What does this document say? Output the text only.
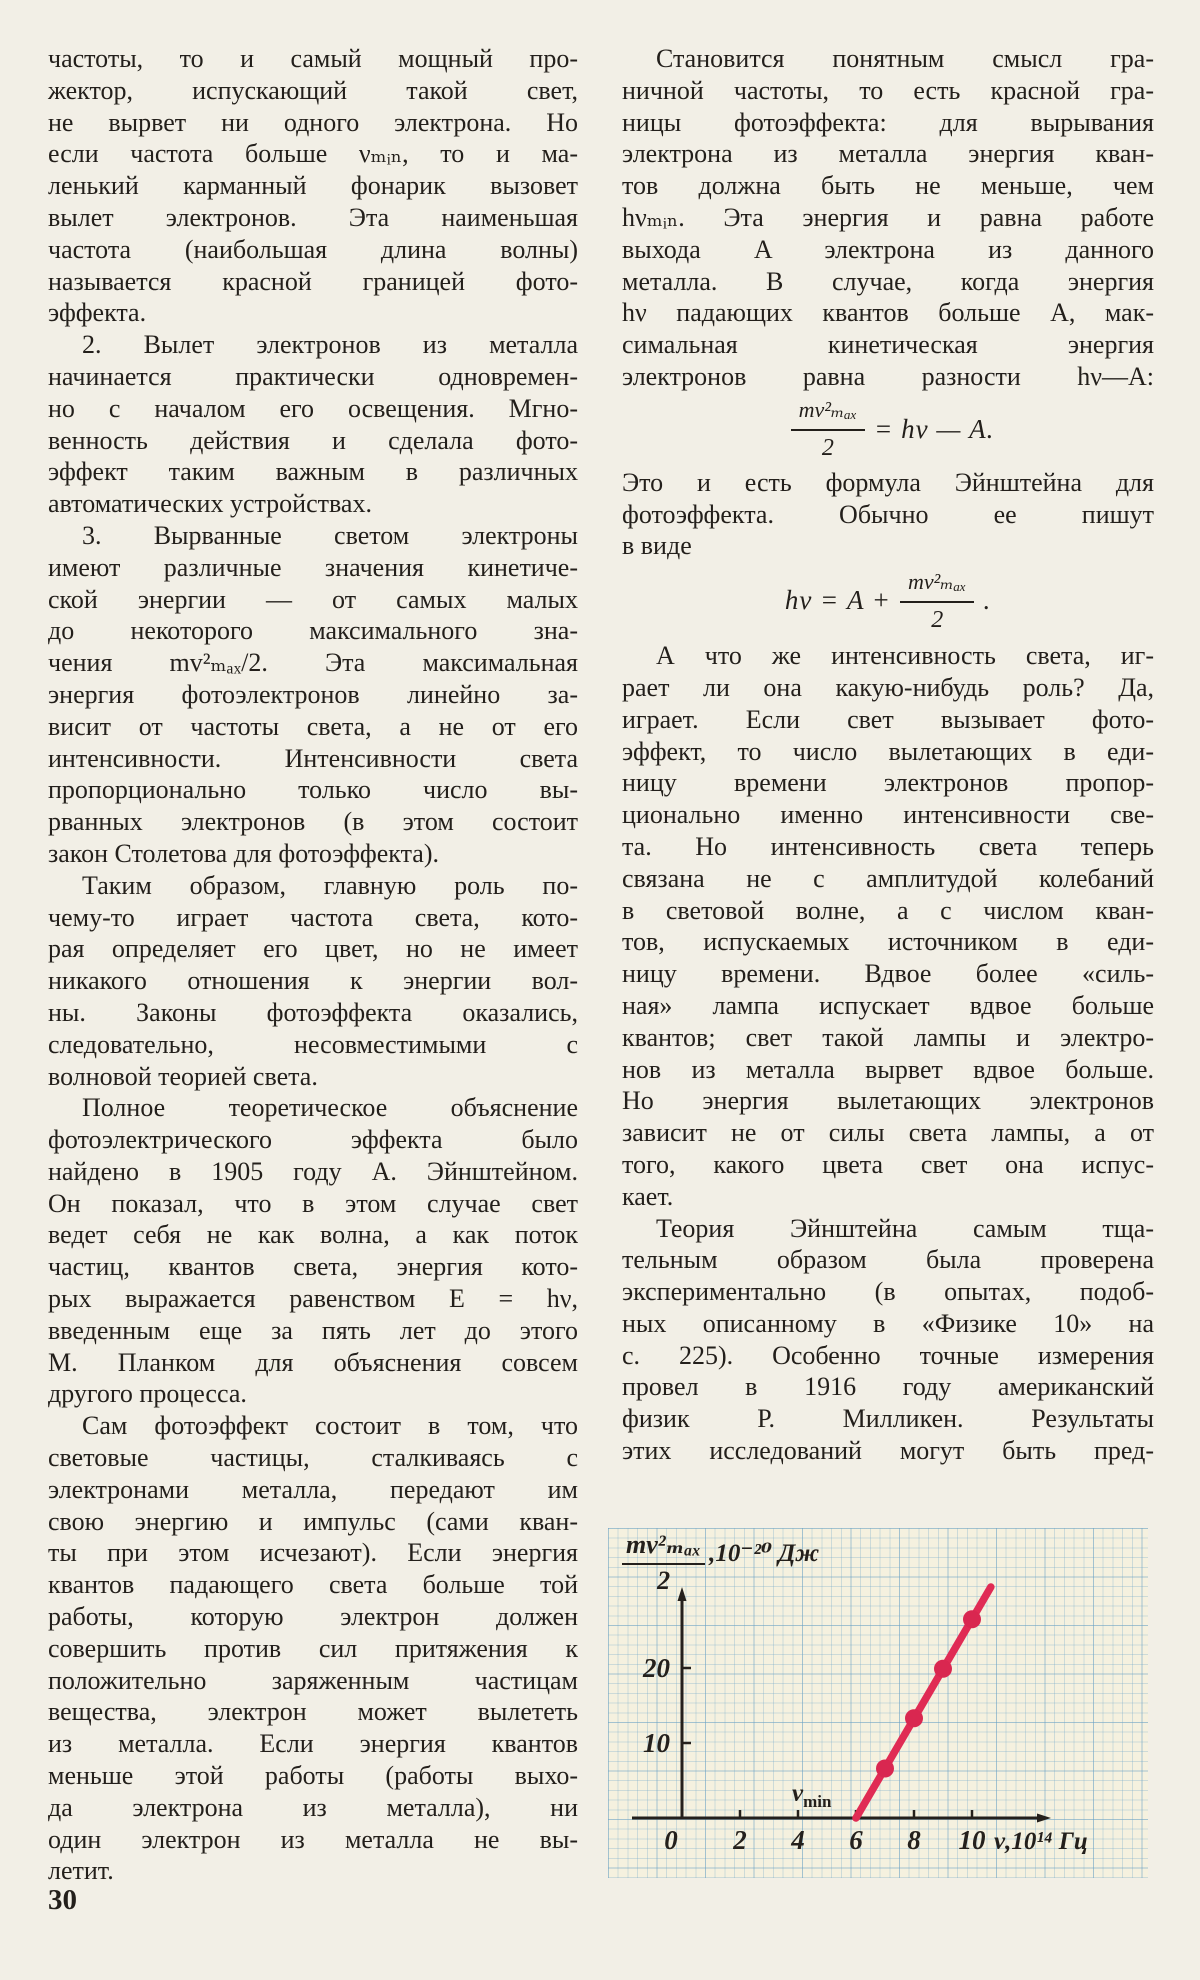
частоты, то и самый мощный про-
жектор, испускающий такой свет,
не вырвет ни одного электрона. Но
если частота больше νₘᵢₙ, то и ма-
ленький карманный фонарик вызовет
вылет электронов. Эта наименьшая
частота (наибольшая длина волны)
называется красной границей фото-
эффекта.
2. Вылет электронов из металла
начинается практически одновремен-
но с началом его освещения. Мгно-
венность действия и сделала фото-
эффект таким важным в различных
автоматических устройствах.
3. Вырванные светом электроны
имеют различные значения кинетиче-
ской энергии — от самых малых
до некоторого максимального зна-
чения mv²ₘₐₓ/2. Эта максимальная
энергия фотоэлектронов линейно за-
висит от частоты света, а не от его
интенсивности. Интенсивности света
пропорционально только число вы-
рванных электронов (в этом состоит
закон Столетова для фотоэффекта).
Таким образом, главную роль по-
чему-то играет частота света, кото-
рая определяет его цвет, но не имеет
никакого отношения к энергии вол-
ны. Законы фотоэффекта оказались,
следовательно, несовместимыми с
волновой теорией света.
Полное теоретическое объяснение
фотоэлектрического эффекта было
найдено в 1905 году А. Эйнштейном.
Он показал, что в этом случае свет
ведет себя не как волна, а как поток
частиц, квантов света, энергия кото-
рых выражается равенством E = hν,
введенным еще за пять лет до этого
М. Планком для объяснения совсем
другого процесса.
Сам фотоэффект состоит в том, что
световые частицы, сталкиваясь с
электронами металла, передают им
свою энергию и импульс (сами кван-
ты при этом исчезают). Если энергия
квантов падающего света больше той
работы, которую электрон должен
совершить против сил притяжения к
положительно заряженным частицам
вещества, электрон может вылететь
из металла. Если энергия квантов
меньше этой работы (работы выхо-
да электрона из металла), ни
один электрон из металла не вы-
летит.
Становится понятным смысл гра-
ничной частоты, то есть красной гра-
ницы фотоэффекта: для вырывания
электрона из металла энергия кван-
тов должна быть не меньше, чем
hνₘᵢₙ. Эта энергия и равна работе
выхода A электрона из данного
металла. В случае, когда энергия
hν падающих квантов больше A, мак-
симальная кинетическая энергия
электронов равна разности hν—A:
mv²ₘₐₓ
2
= hν — A.
Это и есть формула Эйнштейна для
фотоэффекта. Обычно ее пишут
в виде
hν = A +
mv²ₘₐₓ
2
.
А что же интенсивность света, иг-
рает ли она какую-нибудь роль? Да,
играет. Если свет вызывает фото-
эффект, то число вылетающих в еди-
ницу времени электронов пропор-
ционально именно интенсивности све-
та. Но интенсивность света теперь
связана не с амплитудой колебаний
в световой волне, а с числом кван-
тов, испускаемых источником в еди-
ницу времени. Вдвое более «силь-
ная» лампа испускает вдвое больше
квантов; свет такой лампы и электро-
нов из металла вырвет вдвое больше.
Но энергия вылетающих электронов
зависит не от силы света лампы, а от
того, какого цвета свет она испус-
кает.
Теория Эйнштейна самым тща-
тельным образом была проверена
экспериментально (в опытах, подоб-
ных описанному в «Физике 10» на
с. 225). Особенно точные измерения
провел в 1916 году американский
физик Р. Милликен. Результаты
этих исследований могут быть пред-
0 2 4 6 8 10
10
20
mv²ₘₐₓ
2
,10⁻²⁰ Дж
ν,10¹⁴ Гц
$\nu_{min}$
30
